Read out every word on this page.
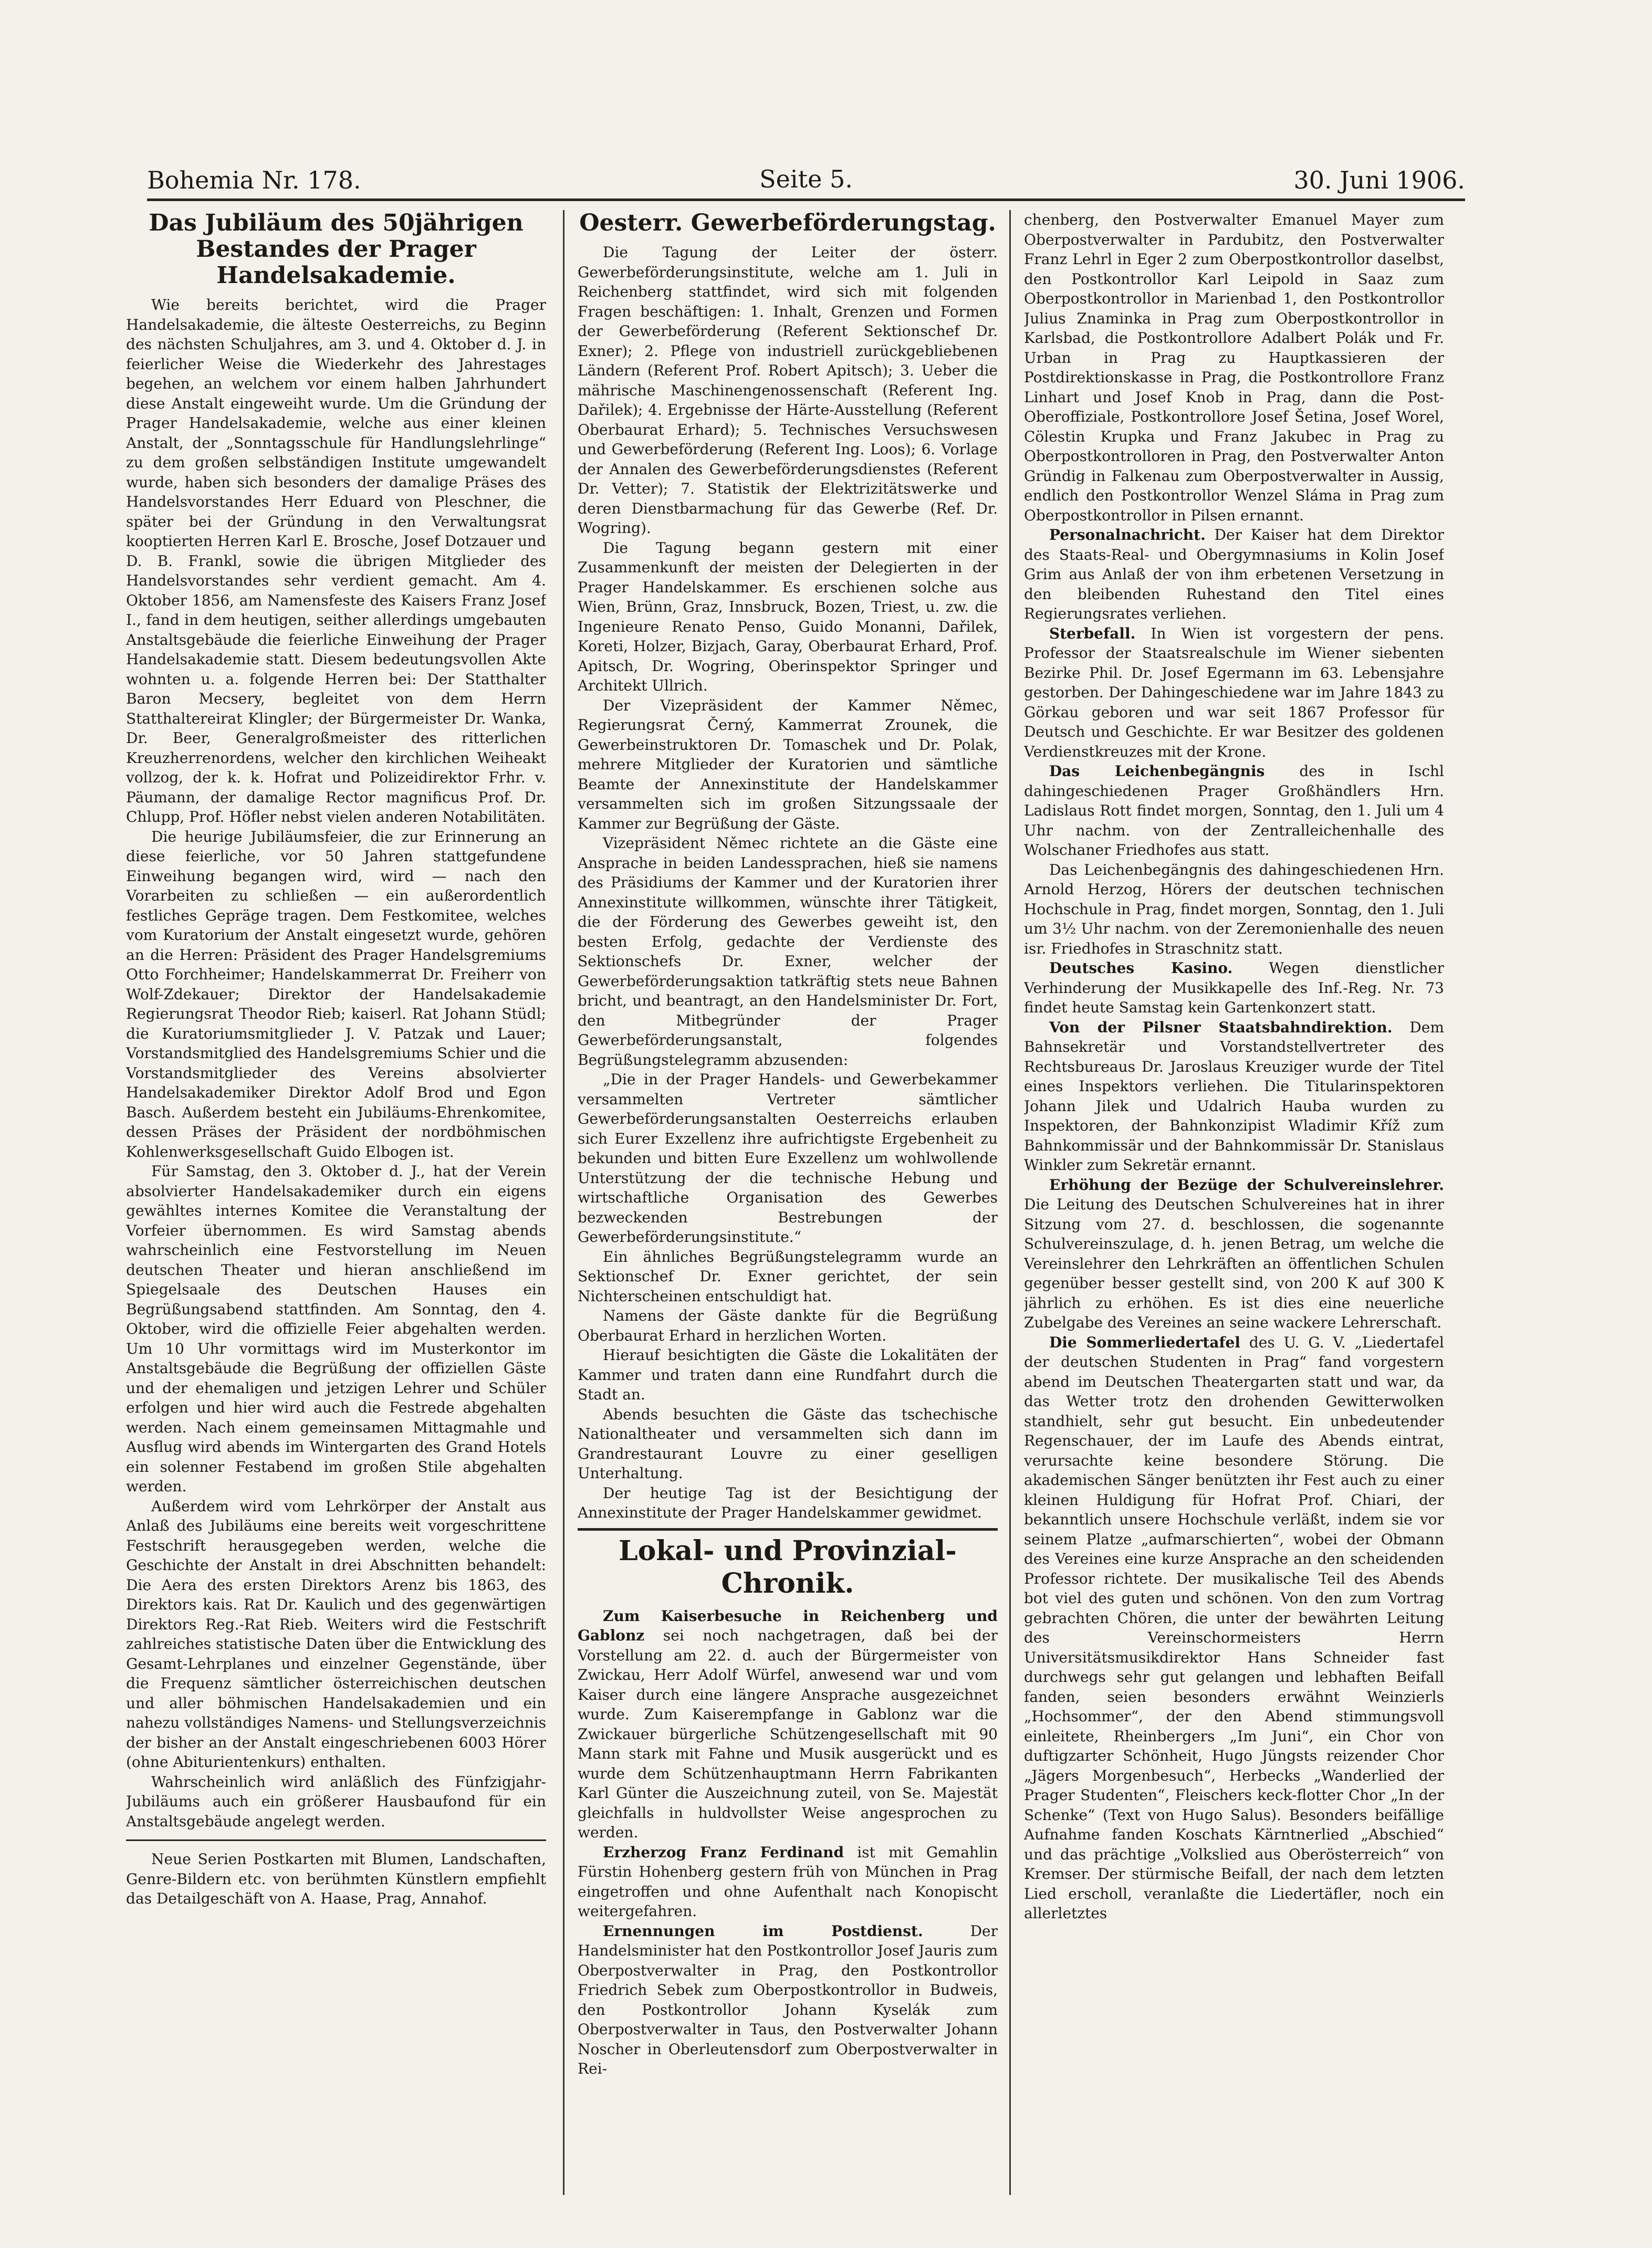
Bohemia Nr. 178.	Seite 5.	30. Juni 1906.
Das Jubiläum des 50jährigen Bestandes der Prager Handelsakademie.

Wie bereits berichtet, wird die Prager Handelsakademie, die älteste Oesterreichs, zu Beginn des nächsten Schuljahres, am 3. und 4. Oktober d. J. in feierlicher Weise die Wiederkehr des Jahrestages begehen, an welchem vor einem halben Jahrhundert diese Anstalt eingeweiht wurde. Um die Gründung der Prager Handelsakademie, welche aus einer kleinen Anstalt, der „Sonntagsschule für Handlungslehrlinge“ zu dem großen selbständigen Institute umgewandelt wurde, haben sich besonders der damalige Präses des Handelsvorstandes Herr Eduard von Pleschner, die später bei der Gründung in den Verwaltungsrat kooptierten Herren Karl E. Brosche, Josef Dotzauer und D. B. Frankl, sowie die übrigen Mitglieder des Handelsvorstandes sehr verdient gemacht. Am 4. Oktober 1856, am Namensfeste des Kaisers Franz Josef I., fand in dem heutigen, seither allerdings umgebauten Anstaltsgebäude die feierliche Einweihung der Prager Handelsakademie statt. Diesem bedeutungsvollen Akte wohnten u. a. folgende Herren bei: Der Statthalter Baron Mecsery, begleitet von dem Herrn Statthaltereirat Klingler; der Bürgermeister Dr. Wanka, Dr. Beer, Generalgroßmeister des ritterlichen Kreuzherrenordens, welcher den kirchlichen Weiheakt vollzog, der k. k. Hofrat und Polizeidirektor Frhr. v. Päumann, der damalige Rector magnificus Prof. Dr. Chlupp, Prof. Höfler nebst vielen anderen Notabilitäten.

Die heurige Jubiläumsfeier, die zur Erinnerung an diese feierliche, vor 50 Jahren stattgefundene Einweihung begangen wird, wird — nach den Vorarbeiten zu schließen — ein außerordentlich festliches Gepräge tragen. Dem Festkomitee, welches vom Kuratorium der Anstalt eingesetzt wurde, gehören an die Herren: Präsident des Prager Handelsgremiums Otto Forchheimer; Handelskammerrat Dr. Freiherr von Wolf-Zdekauer; Direktor der Handelsakademie Regierungsrat Theodor Rieb; kaiserl. Rat Johann Stüdl; die Kuratoriumsmitglieder J. V. Patzak und Lauer; Vorstandsmitglied des Handelsgremiums Schier und die Vorstandsmitglieder des Vereins absolvierter Handelsakademiker Direktor Adolf Brod und Egon Basch. Außerdem besteht ein Jubiläums-Ehrenkomitee, dessen Präses der Präsident der nordböhmischen Kohlenwerksgesellschaft Guido Elbogen ist.

Für Samstag, den 3. Oktober d. J., hat der Verein absolvierter Handelsakademiker durch ein eigens gewähltes internes Komitee die Veranstaltung der Vorfeier übernommen. Es wird Samstag abends wahrscheinlich eine Festvorstellung im Neuen deutschen Theater und hieran anschließend im Spiegelsaale des Deutschen Hauses ein Begrüßungsabend stattfinden. Am Sonntag, den 4. Oktober, wird die offizielle Feier abgehalten werden. Um 10 Uhr vormittags wird im Musterkontor im Anstaltsgebäude die Begrüßung der offiziellen Gäste und der ehemaligen und jetzigen Lehrer und Schüler erfolgen und hier wird auch die Festrede abgehalten werden. Nach einem gemeinsamen Mittagmahle und Ausflug wird abends im Wintergarten des Grand Hotels ein solenner Festabend im großen Stile abgehalten werden.

Außerdem wird vom Lehrkörper der Anstalt aus Anlaß des Jubiläums eine bereits weit vorgeschrittene Festschrift herausgegeben werden, welche die Geschichte der Anstalt in drei Abschnitten behandelt: Die Aera des ersten Direktors Arenz bis 1863, des Direktors kais. Rat Dr. Kaulich und des gegenwärtigen Direktors Reg.-Rat Rieb. Weiters wird die Festschrift zahlreiches statistische Daten über die Entwicklung des Gesamt-Lehrplanes und einzelner Gegenstände, über die Frequenz sämtlicher österreichischen deutschen und aller böhmischen Handelsakademien und ein nahezu vollständiges Namens- und Stellungsverzeichnis der bisher an der Anstalt eingeschriebenen 6003 Hörer (ohne Abiturientenkurs) enthalten.

Wahrscheinlich wird anläßlich des Fünfzigjahr-Jubiläums auch ein größerer Hausbaufond für ein Anstaltsgebäude angelegt werden.

Neue Serien Postkarten mit Blumen, Landschaften, Genre-Bildern etc. von berühmten Künstlern empfiehlt das Detailgeschäft von A. Haase, Prag, Annahof.

Oesterr. Gewerbeförderungstag.

Die Tagung der Leiter der österr. Gewerbeförderungsinstitute, welche am 1. Juli in Reichenberg stattfindet, wird sich mit folgenden Fragen beschäftigen: 1. Inhalt, Grenzen und Formen der Gewerbeförderung (Referent Sektionschef Dr. Exner); 2. Pflege von industriell zurückgebliebenen Ländern (Referent Prof. Robert Apitsch); 3. Ueber die mährische Maschinengenossenschaft (Referent Ing. Dařilek); 4. Ergebnisse der Härte-Ausstellung (Referent Oberbaurat Erhard); 5. Technisches Versuchswesen und Gewerbeförderung (Referent Ing. Loos); 6. Vorlage der Annalen des Gewerbeförderungsdienstes (Referent Dr. Vetter); 7. Statistik der Elektrizitätswerke und deren Dienstbarmachung für das Gewerbe (Ref. Dr. Wogring).

Die Tagung begann gestern mit einer Zusammenkunft der meisten der Delegierten in der Prager Handelskammer. Es erschienen solche aus Wien, Brünn, Graz, Innsbruck, Bozen, Triest, u. zw. die Ingenieure Renato Penso, Guido Monanni, Dařilek, Koreti, Holzer, Bizjach, Garay, Oberbaurat Erhard, Prof. Apitsch, Dr. Wogring, Oberinspektor Springer und Architekt Ullrich.

Der Vizepräsident der Kammer Němec, Regierungsrat Černý, Kammerrat Zrounek, die Gewerbeinstruktoren Dr. Tomaschek und Dr. Polak, mehrere Mitglieder der Kuratorien und sämtliche Beamte der Annexinstitute der Handelskammer versammelten sich im großen Sitzungssaale der Kammer zur Begrüßung der Gäste.

Vizepräsident Němec richtete an die Gäste eine Ansprache in beiden Landessprachen, hieß sie namens des Präsidiums der Kammer und der Kuratorien ihrer Annexinstitute willkommen, wünschte ihrer Tätigkeit, die der Förderung des Gewerbes geweiht ist, den besten Erfolg, gedachte der Verdienste des Sektionschefs Dr. Exner, welcher der Gewerbeförderungsaktion tatkräftig stets neue Bahnen bricht, und beantragt, an den Handelsminister Dr. Fort, den Mitbegründer der Prager Gewerbeförderungsanstalt, folgendes Begrüßungstelegramm abzusenden:

„Die in der Prager Handels- und Gewerbekammer versammelten Vertreter sämtlicher Gewerbeförderungsanstalten Oesterreichs erlauben sich Eurer Exzellenz ihre aufrichtigste Ergebenheit zu bekunden und bitten Eure Exzellenz um wohlwollende Unterstützung der die technische Hebung und wirtschaftliche Organisation des Gewerbes bezweckenden Bestrebungen der Gewerbeförderungsinstitute.“

Ein ähnliches Begrüßungstelegramm wurde an Sektionschef Dr. Exner gerichtet, der sein Nichterscheinen entschuldigt hat.

Namens der Gäste dankte für die Begrüßung Oberbaurat Erhard in herzlichen Worten.

Hierauf besichtigten die Gäste die Lokalitäten der Kammer und traten dann eine Rundfahrt durch die Stadt an.

Abends besuchten die Gäste das tschechische Nationaltheater und versammelten sich dann im Grandrestaurant Louvre zu einer geselligen Unterhaltung.

Der heutige Tag ist der Besichtigung der Annexinstitute der Prager Handelskammer gewidmet.

Lokal- und Provinzial-Chronik.

Zum Kaiserbesuche in Reichenberg und Gablonz sei noch nachgetragen, daß bei der Vorstellung am 22. d. auch der Bürgermeister von Zwickau, Herr Adolf Würfel, anwesend war und vom Kaiser durch eine längere Ansprache ausgezeichnet wurde. Zum Kaiserempfange in Gablonz war die Zwickauer bürgerliche Schützengesellschaft mit 90 Mann stark mit Fahne und Musik ausgerückt und es wurde dem Schützenhauptmann Herrn Fabrikanten Karl Günter die Auszeichnung zuteil, von Se. Majestät gleichfalls in huldvollster Weise angesprochen zu werden.

Erzherzog Franz Ferdinand ist mit Gemahlin Fürstin Hohenberg gestern früh von München in Prag eingetroffen und ohne Aufenthalt nach Konopischt weitergefahren.

Ernennungen im Postdienst.	Der Handelsminister hat den Postkontrollor Josef Jauris zum Oberpostverwalter in Prag, den Postkontrollor Friedrich Sebek zum Oberpostkontrollor in Budweis, den Postkontrollor Johann Kyselák zum Oberpostverwalter in Taus, den Postverwalter Johann Noscher in Oberleutensdorf zum Oberpostverwalter in Rei-

chenberg, den Postverwalter Emanuel Mayer zum Oberpostverwalter in Pardubitz, den Postverwalter Franz Lehrl in Eger 2 zum Oberpostkontrollor daselbst, den Postkontrollor Karl Leipold in Saaz zum Oberpostkontrollor in Marienbad 1, den Postkontrollor Julius Znaminka in Prag zum Oberpostkontrollor in Karlsbad, die Postkontrollore Adalbert Polák und Fr. Urban in Prag zu Hauptkassieren der Postdirektionskasse in Prag, die Postkontrollore Franz Linhart und Josef Knob in Prag, dann die Post-Oberoffiziale, Postkontrollore Josef Šetina, Josef Worel, Cölestin Krupka und Franz Jakubec in Prag zu Oberpostkontrolloren in Prag, den Postverwalter Anton Gründig in Falkenau zum Oberpostverwalter in Aussig, endlich den Postkontrollor Wenzel Sláma in Prag zum Oberpostkontrollor in Pilsen ernannt.

Personalnachricht. Der Kaiser hat dem Direktor des Staats-Real- und Obergymnasiums in Kolin Josef Grim aus Anlaß der von ihm erbetenen Versetzung in den bleibenden Ruhestand den Titel eines Regierungsrates verliehen.

Sterbefall. In Wien ist vorgestern der pens. Professor der Staatsrealschule im Wiener siebenten Bezirke Phil. Dr. Josef Egermann im 63. Lebensjahre gestorben. Der Dahingeschiedene war im Jahre 1843 zu Görkau geboren und war seit 1867 Professor für Deutsch und Geschichte. Er war Besitzer des goldenen Verdienstkreuzes mit der Krone.

Das Leichenbegängnis des in Ischl dahingeschiedenen Prager Großhändlers Hrn. Ladislaus Rott findet morgen, Sonntag, den 1. Juli um 4 Uhr nachm. von der Zentralleichenhalle des Wolschaner Friedhofes aus statt.

Das Leichenbegängnis des dahingeschiedenen Hrn. Arnold Herzog, Hörers der deutschen technischen Hochschule in Prag, findet morgen, Sonntag, den 1. Juli um 3½ Uhr nachm. von der Zeremonienhalle des neuen isr. Friedhofes in Straschnitz statt.

Deutsches Kasino. Wegen dienstlicher Verhinderung der Musikkapelle des Inf.-Reg. Nr. 73 findet heute Samstag kein Gartenkonzert statt.

Von der Pilsner Staatsbahndirektion. Dem Bahnsekretär und Vorstandstellvertreter des Rechtsbureaus Dr. Jaroslaus Kreuziger wurde der Titel eines Inspektors verliehen. Die Titularinspektoren Johann Jilek und Udalrich Hauba wurden zu Inspektoren, der Bahnkonzipist Wladimir Kříž zum Bahnkommissär und der Bahnkommissär Dr. Stanislaus Winkler zum Sekretär ernannt.

Erhöhung der Bezüge der Schulvereinslehrer. Die Leitung des Deutschen Schulvereines hat in ihrer Sitzung vom 27. d. beschlossen, die sogenannte Schulvereinszulage, d. h. jenen Betrag, um welche die Vereinslehrer den Lehrkräften an öffentlichen Schulen gegenüber besser gestellt sind, von 200 K auf 300 K jährlich zu erhöhen. Es ist dies eine neuerliche Zubelgabe des Vereines an seine wackere Lehrerschaft.

Die Sommerliedertafel des U. G. V. „Liedertafel der deutschen Studenten in Prag“ fand vorgestern abend im Deutschen Theatergarten statt und war, da das Wetter trotz den drohenden Gewitterwolken standhielt, sehr gut besucht. Ein unbedeutender Regenschauer, der im Laufe des Abends eintrat, verursachte keine besondere Störung. Die akademischen Sänger benützten ihr Fest auch zu einer kleinen Huldigung für Hofrat Prof. Chiari, der bekanntlich unsere Hochschule verläßt, indem sie vor seinem Platze „aufmarschierten“, wobei der Obmann des Vereines eine kurze Ansprache an den scheidenden Professor richtete. Der musikalische Teil des Abends bot viel des guten und schönen. Von den zum Vortrag gebrachten Chören, die unter der bewährten Leitung des Vereinschormeisters Herrn Universitätsmusikdirektor Hans Schneider fast durchwegs sehr gut gelangen und lebhaften Beifall fanden, seien besonders erwähnt Weinzierls „Hochsommer“, der den Abend stimmungsvoll einleitete, Rheinbergers „Im Juni“, ein Chor von duftigzarter Schönheit, Hugo Jüngsts reizender Chor „Jägers Morgenbesuch“, Herbecks „Wanderlied der Prager Studenten“, Fleischers keck-flotter Chor „In der Schenke“ (Text von Hugo Salus). Besonders beifällige Aufnahme fanden Koschats Kärntnerlied „Abschied“ und das prächtige „Volkslied aus Oberösterreich“ von Kremser. Der stürmische Beifall, der nach dem letzten Lied erscholl, veranlaßte die Liedertäfler, noch ein allerletztes
